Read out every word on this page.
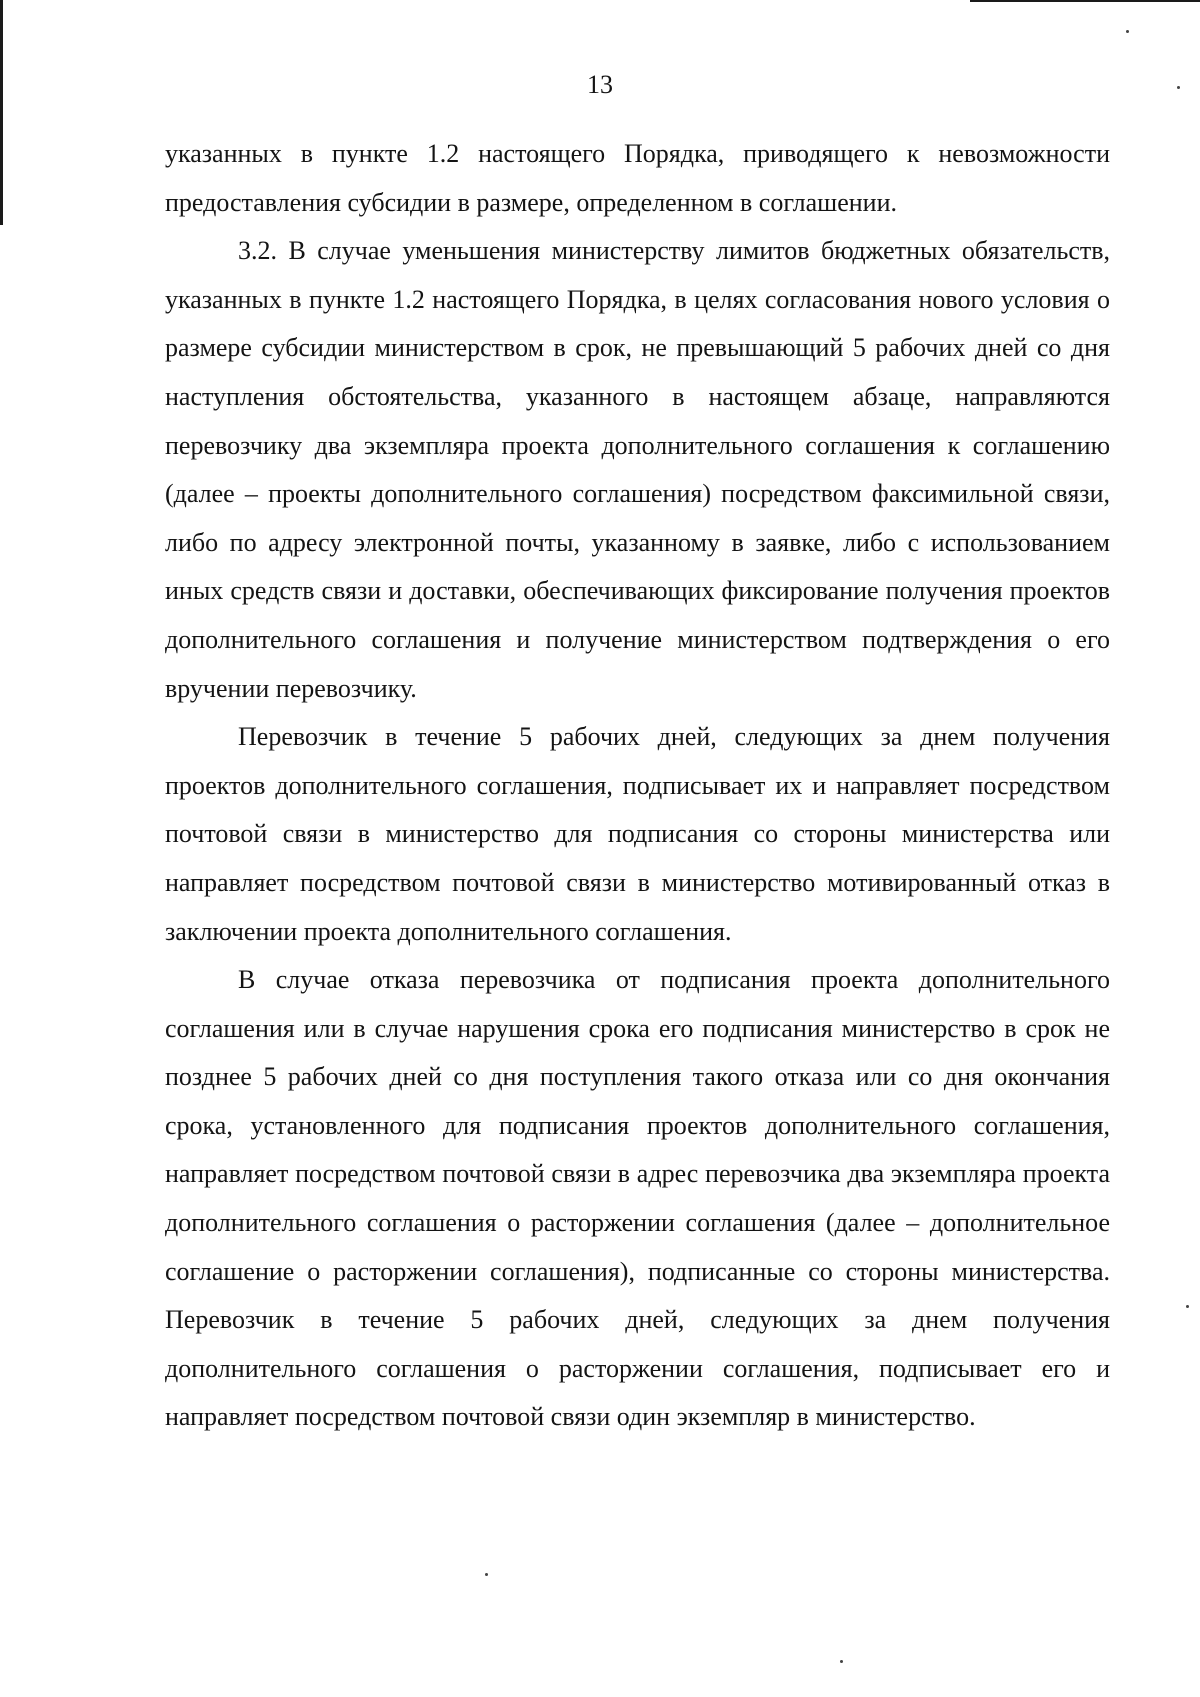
13

указанных в пункте 1.2 настоящего Порядка, приводящего к невозможности предоставления субсидии в размере, определенном в соглашении.

3.2. В случае уменьшения министерству лимитов бюджетных обязательств, указанных в пункте 1.2 настоящего Порядка, в целях согласования нового условия о размере субсидии министерством в срок, не превышающий 5 рабочих дней со дня наступления обстоятельства, указанного в настоящем абзаце, направляются перевозчику два экземпляра проекта дополнительного соглашения к соглашению (далее – проекты дополнительного соглашения) посредством факсимильной связи, либо по адресу электронной почты, указанному в заявке, либо с использованием иных средств связи и доставки, обеспечивающих фиксирование получения проектов дополнительного соглашения и получение министерством подтверждения о его вручении перевозчику.

Перевозчик в течение 5 рабочих дней, следующих за днем получения проектов дополнительного соглашения, подписывает их и направляет посредством почтовой связи в министерство для подписания со стороны министерства или направляет посредством почтовой связи в министерство мотивированный отказ в заключении проекта дополнительного соглашения.

В случае отказа перевозчика от подписания проекта дополнительного соглашения или в случае нарушения срока его подписания министерство в срок не позднее 5 рабочих дней со дня поступления такого отказа или со дня окончания срока, установленного для подписания проектов дополнительного соглашения, направляет посредством почтовой связи в адрес перевозчика два экземпляра проекта дополнительного соглашения о расторжении соглашения (далее – дополнительное соглашение о расторжении соглашения), подписанные со стороны министерства. Перевозчик в течение 5 рабочих дней, следующих за днем получения дополнительного соглашения о расторжении соглашения, подписывает его и направляет посредством почтовой связи один экземпляр в министерство.
